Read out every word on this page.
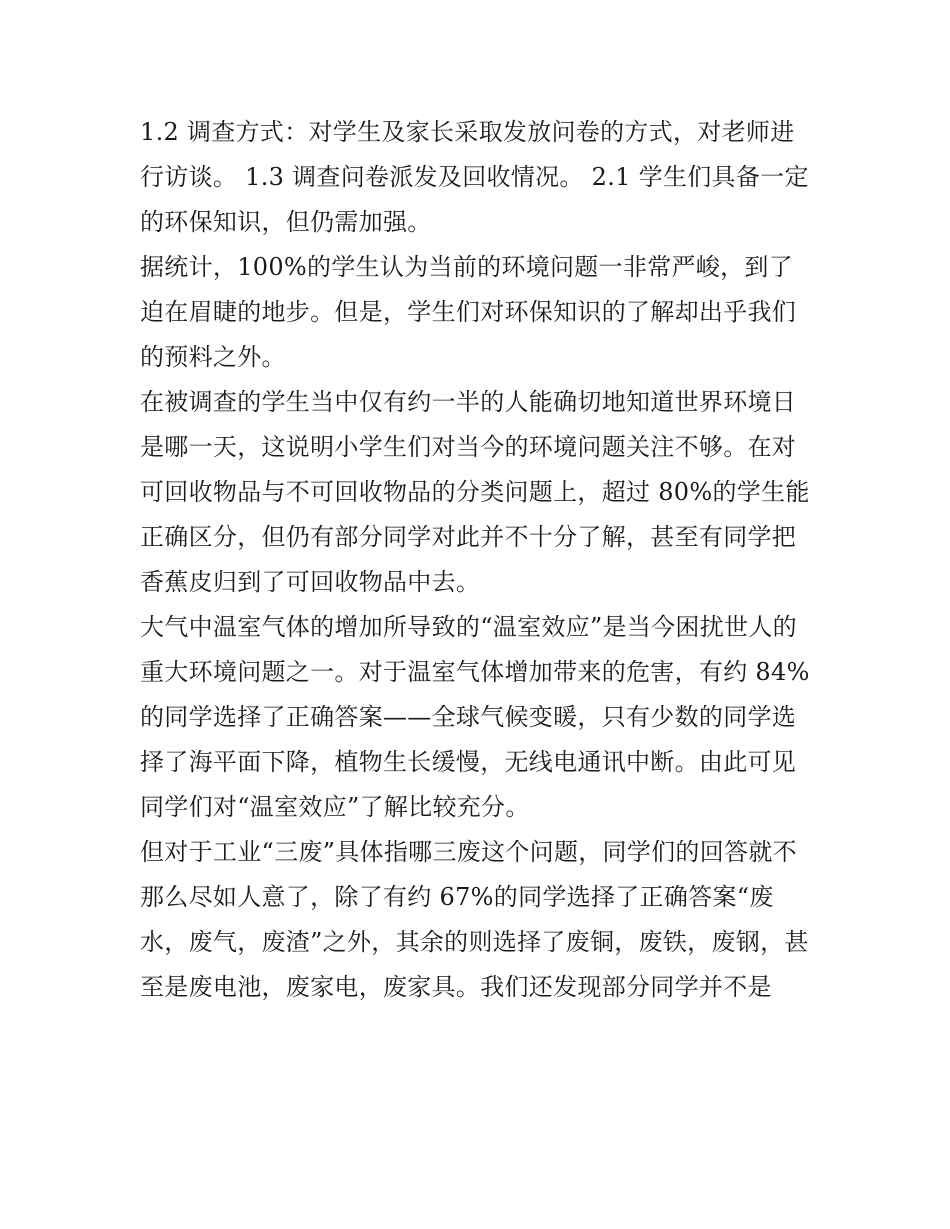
1.2 调查方式：对学生及家长采取发放问卷的方式，对老师进行访谈。 1.3 调查问卷派发及回收情况。 2.1 学生们具备一定的环保知识，但仍需加强。

据统计，100%的学生认为当前的环境问题一非常严峻，到了迫在眉睫的地步。但是，学生们对环保知识的了解却出乎我们的预料之外。

在被调查的学生当中仅有约一半的人能确切地知道世界环境日是哪一天，这说明小学生们对当今的环境问题关注不够。在对可回收物品与不可回收物品的分类问题上，超过 80%的学生能正确区分，但仍有部分同学对此并不十分了解，甚至有同学把香蕉皮归到了可回收物品中去。

大气中温室气体的增加所导致的“温室效应”是当今困扰世人的重大环境问题之一。对于温室气体增加带来的危害，有约 84%的同学选择了正确答案——全球气候变暖，只有少数的同学选择了海平面下降，植物生长缓慢，无线电通讯中断。由此可见同学们对“温室效应”了解比较充分。

但对于工业“三废”具体指哪三废这个问题，同学们的回答就不那么尽如人意了，除了有约 67%的同学选择了正确答案“废水，废气，废渣”之外，其余的则选择了废铜，废铁，废钢，甚至是废电池，废家电，废家具。我们还发现部分同学并不是
